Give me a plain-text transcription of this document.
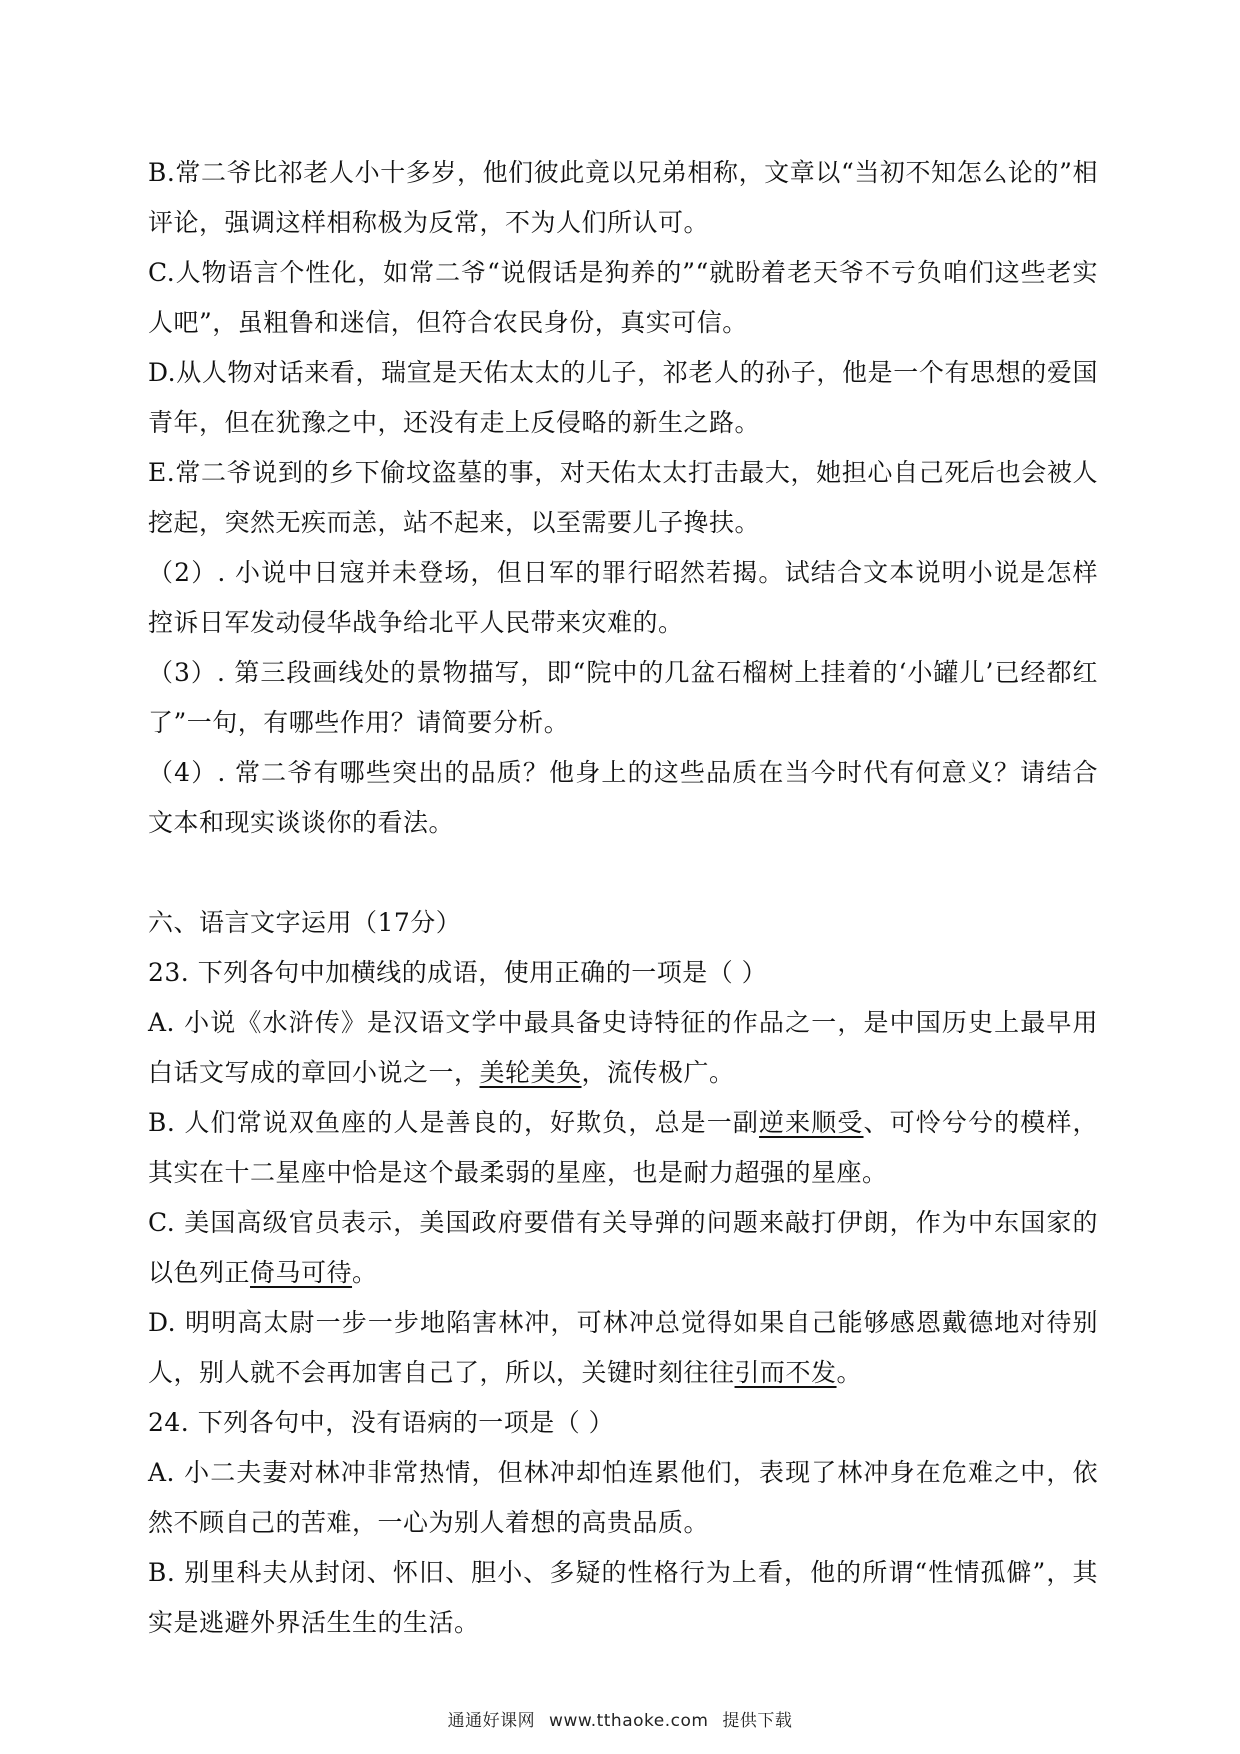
B.常二爷比祁老人小十多岁，他们彼此竟以兄弟相称，文章以“当初不知怎么论的”相评论，强调这样相称极为反常，不为人们所认可。

C.人物语言个性化，如常二爷“说假话是狗养的”“就盼着老天爷不亏负咱们这些老实人吧”，虽粗鲁和迷信，但符合农民身份，真实可信。

D.从人物对话来看，瑞宣是天佑太太的儿子，祁老人的孙子，他是一个有思想的爱国青年，但在犹豫之中，还没有走上反侵略的新生之路。

E.常二爷说到的乡下偷坟盗墓的事，对天佑太太打击最大，她担心自己死后也会被人挖起，突然无疾而恙，站不起来，以至需要儿子搀扶。

（2）. 小说中日寇并未登场，但日军的罪行昭然若揭。试结合文本说明小说是怎样控诉日军发动侵华战争给北平人民带来灾难的。

（3）. 第三段画线处的景物描写，即“院中的几盆石榴树上挂着的‘小罐儿’已经都红了”一句，有哪些作用？请简要分析。

（4）. 常二爷有哪些突出的品质？他身上的这些品质在当今时代有何意义？请结合文本和现实谈谈你的看法。

六、语言文字运用（17分）

23. 下列各句中加横线的成语，使用正确的一项是（ ）

A. 小说《水浒传》是汉语文学中最具备史诗特征的作品之一，是中国历史上最早用白话文写成的章回小说之一，美轮美奂，流传极广。

B. 人们常说双鱼座的人是善良的，好欺负，总是一副逆来顺受、可怜兮兮的模样，其实在十二星座中恰是这个最柔弱的星座，也是耐力超强的星座。

C. 美国高级官员表示，美国政府要借有关导弹的问题来敲打伊朗，作为中东国家的以色列正倚马可待。

D. 明明高太尉一步一步地陷害林冲，可林冲总觉得如果自己能够感恩戴德地对待别人，别人就不会再加害自己了，所以，关键时刻往往引而不发。

24. 下列各句中，没有语病的一项是（ ）

A. 小二夫妻对林冲非常热情，但林冲却怕连累他们，表现了林冲身在危难之中，依然不顾自己的苦难，一心为别人着想的高贵品质。

B. 别里科夫从封闭、怀旧、胆小、多疑的性格行为上看，他的所谓“性情孤僻”，其实是逃避外界活生生的生活。

通通好课网 www.tthaoke.com 提供下载
